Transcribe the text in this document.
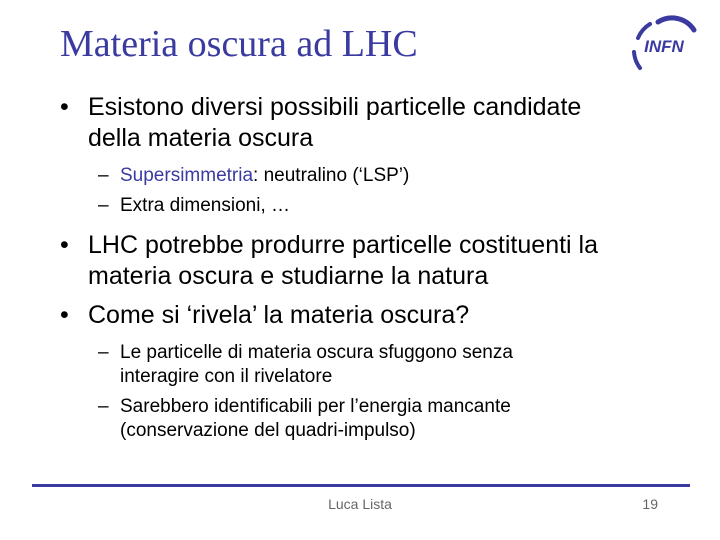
Materia oscura ad LHC	INFN
• Esistono diversi possibili particelle candidate
della materia oscura
– Supersimmetria: neutralino (‘LSP’)
– Extra dimensioni, …
• LHC potrebbe produrre particelle costituenti la
materia oscura e studiarne la natura
• Come si ‘rivela’ la materia oscura?
– Le particelle di materia oscura sfuggono senza
interagire con il rivelatore
– Sarebbero identificabili per l’energia mancante
(conservazione del quadri-impulso)
Luca Lista	19
